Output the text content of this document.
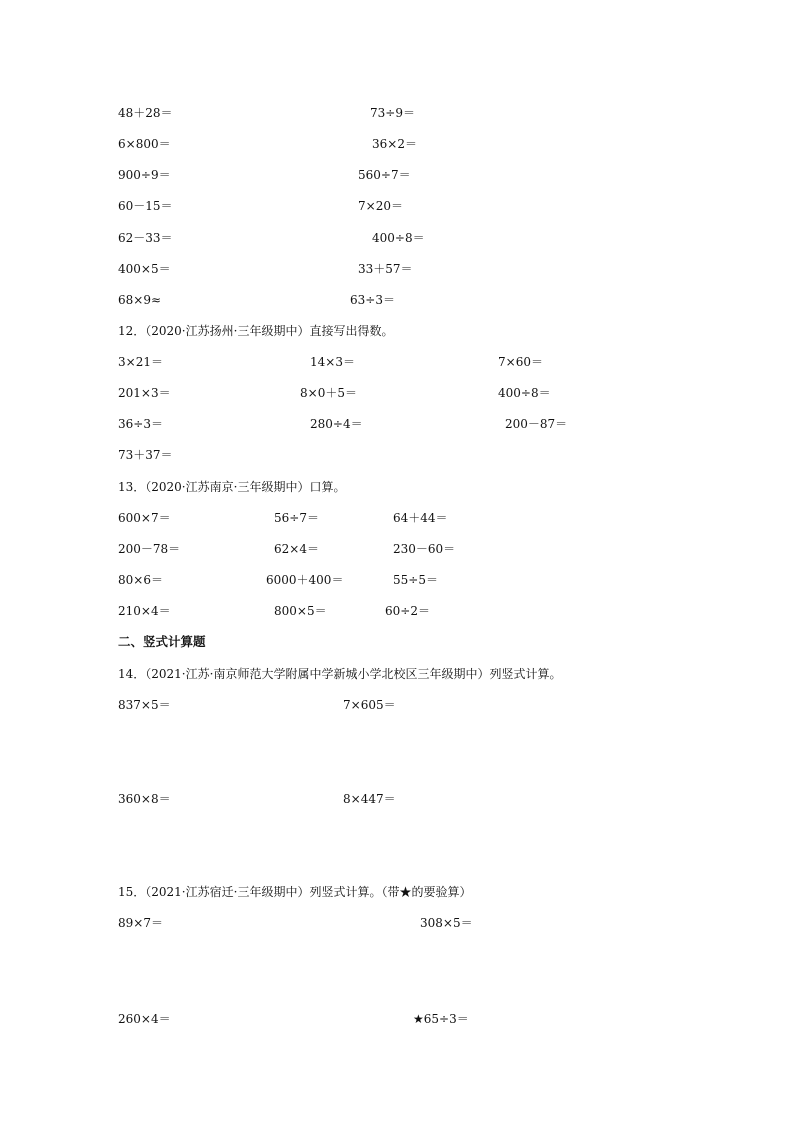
48＋28＝	73÷9＝
6×800＝	36×2＝
900÷9＝	560÷7＝
60－15＝	7×20＝
62－33＝	400÷8＝
400×5＝	33＋57＝
68×9≈	63÷3＝
12．（2020·江苏扬州·三年级期中）直接写出得数。
3×21＝	14×3＝	7×60＝
201×3＝	8×0＋5＝	400÷8＝
36÷3＝	280÷4＝	200－87＝
73＋37＝
13．（2020·江苏南京·三年级期中）口算。
600×7＝	56÷7＝	64＋44＝
200－78＝	62×4＝	230－60＝
80×6＝	6000＋400＝	55÷5＝
210×4＝	800×5＝	60÷2＝
二、竖式计算题
14．（2021·江苏·南京师范大学附属中学新城小学北校区三年级期中）列竖式计算。
837×5＝	7×605＝
360×8＝	8×447＝
15．（2021·江苏宿迁·三年级期中）列竖式计算。（带★的要验算）
89×7＝	308×5＝
260×4＝	★65÷3＝
